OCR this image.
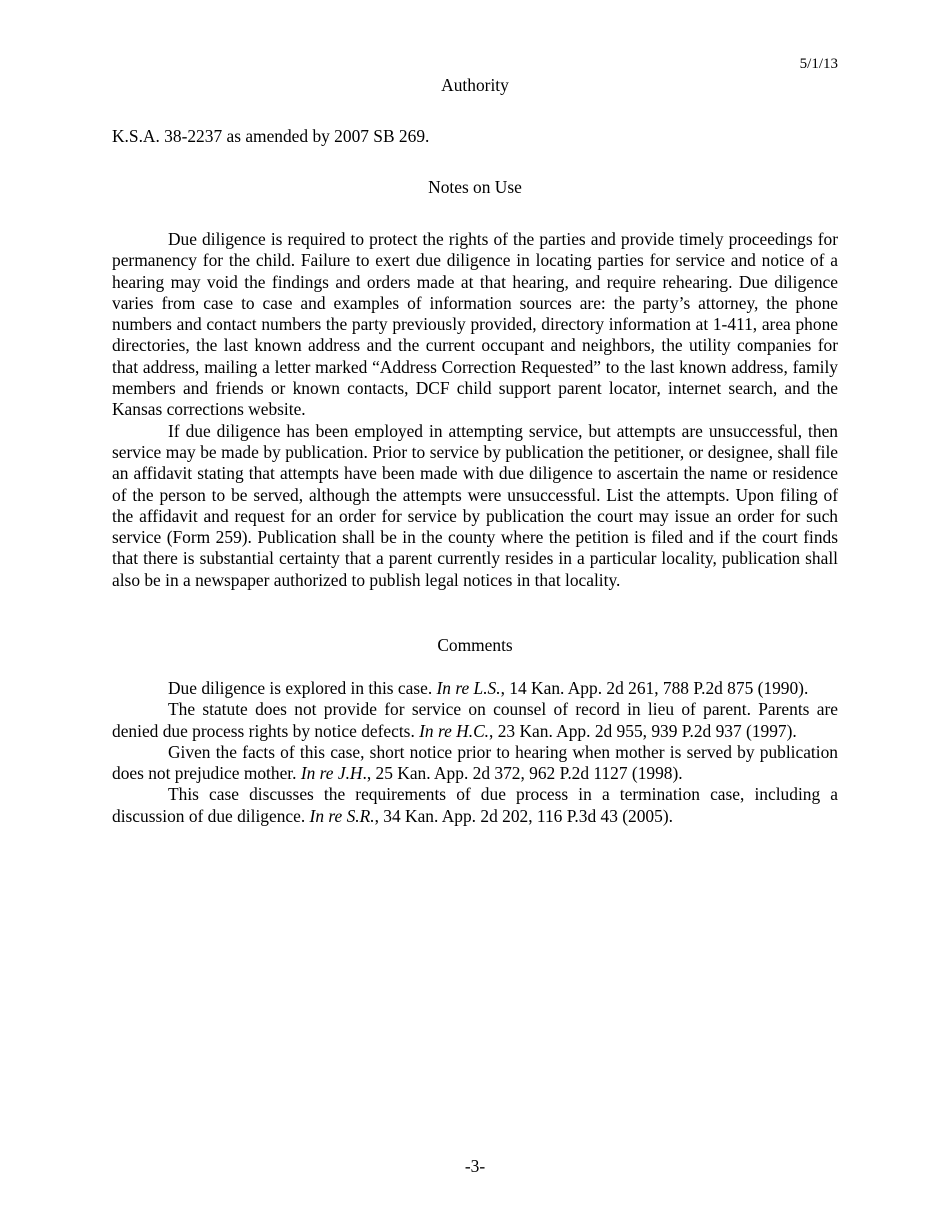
5/1/13
Authority

K.S.A. 38-2237 as amended by 2007 SB 269.

Notes on Use

Due diligence is required to protect the rights of the parties and provide timely proceedings for permanency for the child. Failure to exert due diligence in locating parties for service and notice of a hearing may void the findings and orders made at that hearing, and require rehearing. Due diligence varies from case to case and examples of information sources are: the party’s attorney, the phone numbers and contact numbers the party previously provided, directory information at 1-411, area phone directories, the last known address and the current occupant and neighbors, the utility companies for that address, mailing a letter marked “Address Correction Requested” to the last known address, family members and friends or known contacts, DCF child support parent locator, internet search, and the Kansas corrections website.

If due diligence has been employed in attempting service, but attempts are unsuccessful, then service may be made by publication. Prior to service by publication the petitioner, or designee, shall file an affidavit stating that attempts have been made with due diligence to ascertain the name or residence of the person to be served, although the attempts were unsuccessful. List the attempts. Upon filing of the affidavit and request for an order for service by publication the court may issue an order for such service (Form 259). Publication shall be in the county where the petition is filed and if the court finds that there is substantial certainty that a parent currently resides in a particular locality, publication shall also be in a newspaper authorized to publish legal notices in that locality.

Comments

Due diligence is explored in this case. In re L.S., 14 Kan. App. 2d 261, 788 P.2d 875 (1990).

The statute does not provide for service on counsel of record in lieu of parent. Parents are denied due process rights by notice defects. In re H.C., 23 Kan. App. 2d 955, 939 P.2d 937 (1997).

Given the facts of this case, short notice prior to hearing when mother is served by publication does not prejudice mother. In re J.H., 25 Kan. App. 2d 372, 962 P.2d 1127 (1998).

This case discusses the requirements of due process in a termination case, including a discussion of due diligence. In re S.R., 34 Kan. App. 2d 202, 116 P.3d 43 (2005).

-3-
